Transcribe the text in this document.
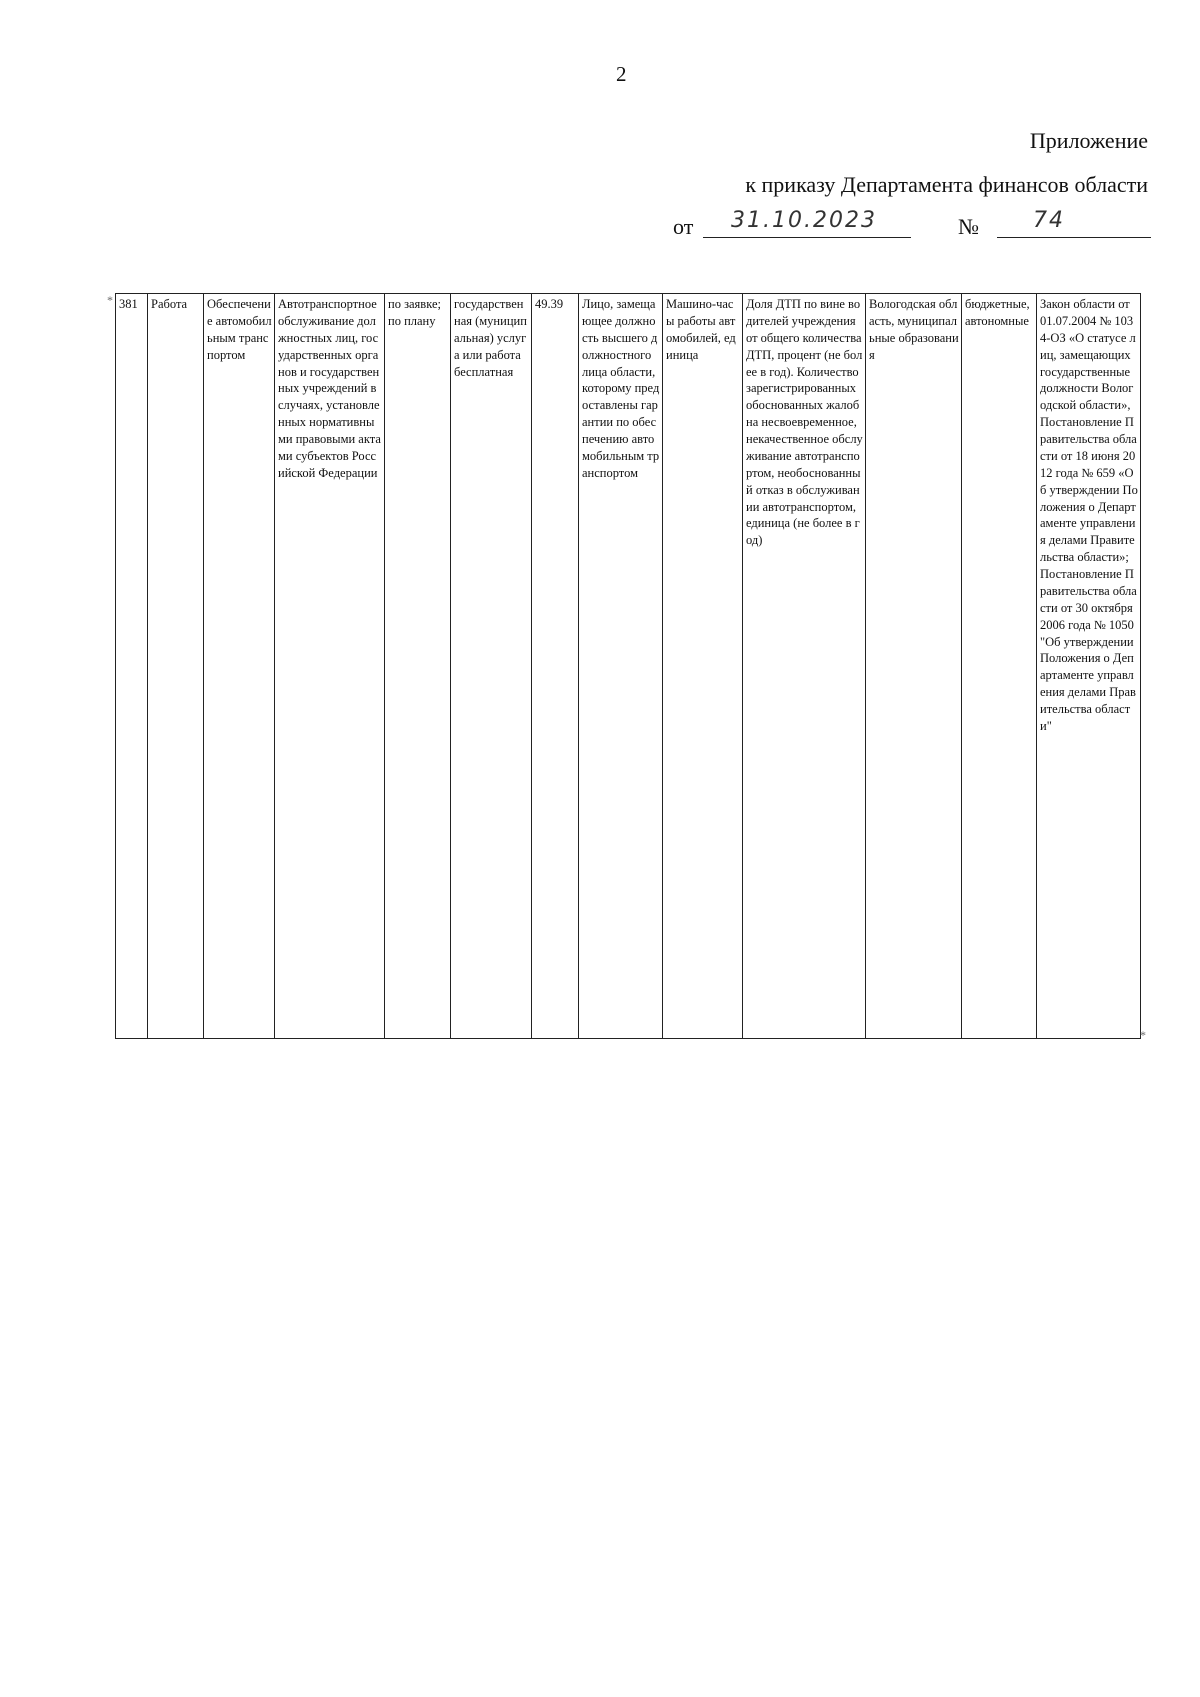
2
Приложение
к приказу Департамента финансов области
от 31.10.2023	№ 74
* 381	Работа	Обеспечение автомобильным транспортом	Автотранспортное обслуживание должностных лиц, государственных органов и государственных учреждений в случаях, установленных нормативными правовыми актами субъектов Российской Федерации	по заявке; по плану	государственная (муниципальная) услуга или работа бесплатная	49.39	Лицо, замещающее должность высшего должностного лица области, которому предоставлены гарантии по обеспечению автомобильным транспортом	Машино-часы работы автомобилей, единица	Доля ДТП по вине водителей учреждения от общего количества ДТП, процент (не более в год). Количество зарегистрированных обоснованных жалоб на несвоевременное, некачественное обслуживание автотранспортом, необоснованный отказ в обслуживании автотранспортом, единица (не более в год)	Вологодская область, муниципальные образования	бюджетные, автономные	Закон области от 01.07.2004 № 1034-ОЗ «О статусе лиц, замещающих государственные должности Вологодской области», Постановление Правительства области от 18 июня 2012 года № 659 «Об утверждении Положения о Департаменте управления делами Правительства области»; Постановление Правительства области от 30 октября 2006 года № 1050 "Об утверждении Положения о Департаменте управления делами Правительства области"
*
